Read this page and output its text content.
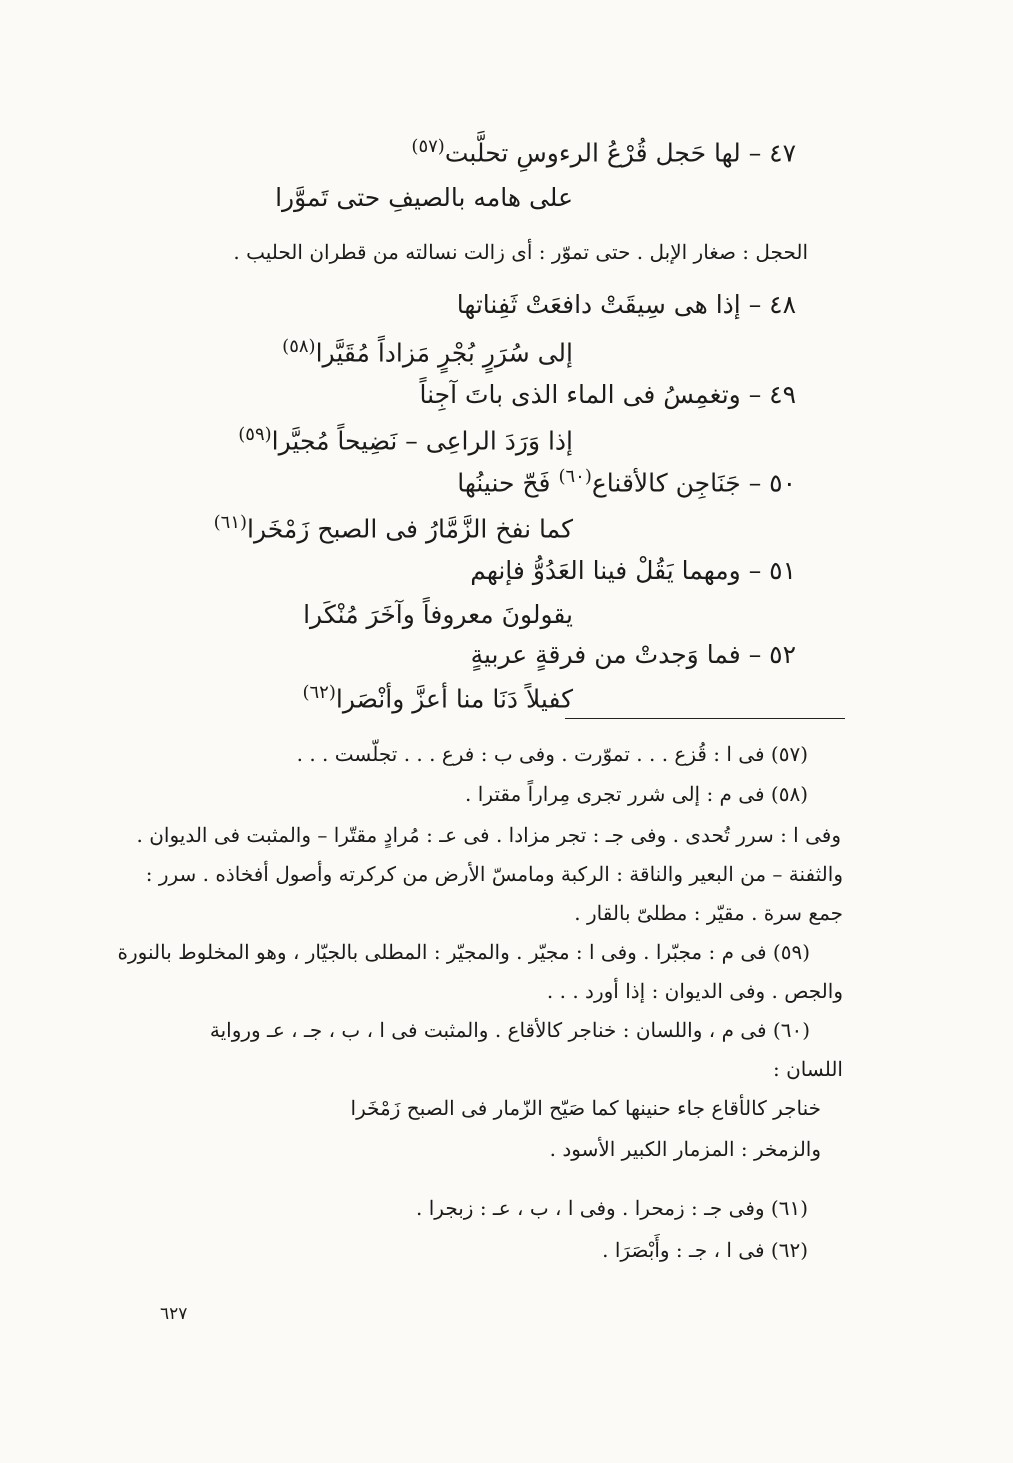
٤٧ – لها حَجل قُرْعُ الرءوسِ تحلَّبت$^{(٥٧)}$
على هامه بالصيفِ حتى تَموَّرا
الحجل : صغار الإبل . حتى تموّر : أى زالت نسالته من قطران الحليب .
٤٨ – إذا هى سِيقَتْ دافعَتْ ثَفِناتها
إلى سُرَرٍ بُجْرٍ مَزاداً مُقَيَّرا$^{(٥٨)}$
٤٩ – وتغمِسُ فى الماء الذى باتَ آجِناً
إذا وَرَدَ الراعِى – نَضِيحاً مُجيَّرا$^{(٥٩)}$
٥٠ – جَنَاجِن كالأقناع$^{(٦٠)}$ فَحّ حنينُها
كما نفخ الزَّمَّارُ فى الصبح زَمْخَرا$^{(٦١)}$
٥١ – ومهما يَقُلْ فينا العَدُوُّ فإنهم
يقولونَ معروفاً وآخَرَ مُنْكَرا
٥٢ – فما وَجدتْ من فرقةٍ عربيةٍ
كفيلاً دَنَا منا أعزَّ وأنْصَرا$^{(٦٢)}$
(٥٧) فى ا : قُزع . . . تموّرت . وفى ب : فرع . . . تجلّست . . .
(٥٨) فى م : إلى شرر تجرى مِراراً مقترا .
وفى ا : سرر تُحدى . وفى جـ : تجر مزادا . فى عـ : مُرادٍ مقتّرا – والمثبت فى الديوان .
والثفنة – من البعير والناقة : الركبة ومامسّ الأرض من كركرته وأصول أفخاذه . سرر :
جمع سرة . مقيّر : مطلىّ بالقار .
(٥٩) فى م : مجبّرا . وفى ا : مجيّر . والمجيّر : المطلى بالجيّار ، وهو المخلوط بالنورة
والجص . وفى الديوان : إذا أورد . . .
(٦٠) فى م ، واللسان : خناجر كالأقاع . والمثبت فى ا ، ب ، جـ ، عـ ورواية
اللسان :
خناجر كالأقاع جاء حنينها كما صَيّح الزّمار فى الصبح زَمْخَرا
والزمخر : المزمار الكبير الأسود .
(٦١) وفى جـ : زمحرا . وفى ا ، ب ، عـ : زبجرا .
(٦٢) فى ا ، جـ : وأَبْصَرَا .
٦٢٧
